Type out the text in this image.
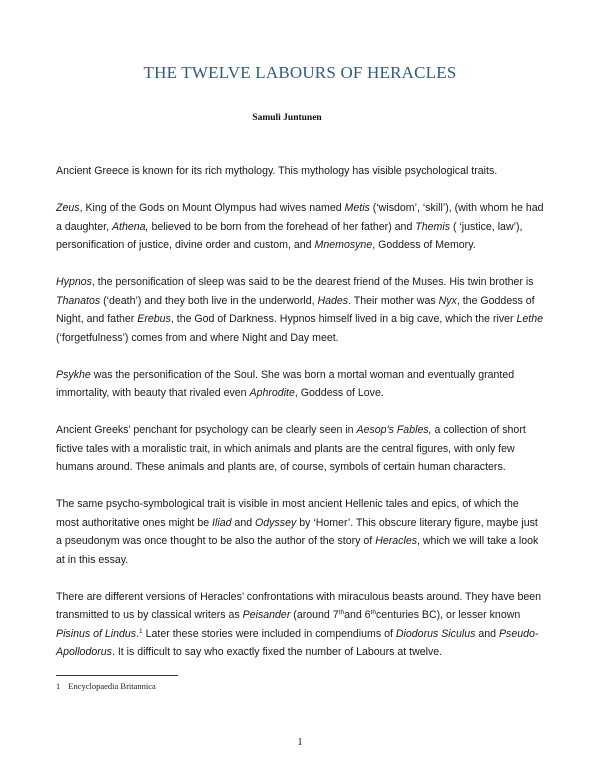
THE TWELVE LABOURS OF HERACLES
Samuli Juntunen

Ancient Greece is known for its rich mythology. This mythology has visible psychological traits.

Zeus, King of the Gods on Mount Olympus had wives named Metis (‘wisdom’, ‘skill’), (with whom he had a daughter, Athena, believed to be born from the forehead of her father) and Themis ( ‘justice, law’), personification of justice, divine order and custom, and Mnemosyne, Goddess of Memory.

Hypnos, the personification of sleep was said to be the dearest friend of the Muses. His twin brother is Thanatos (‘death’) and they both live in the underworld, Hades. Their mother was Nyx, the Goddess of Night, and father Erebus, the God of Darkness. Hypnos himself lived in a big cave, which the river Lethe (‘forgetfulness’) comes from and where Night and Day meet.

Psykhe was the personification of the Soul. She was born a mortal woman and eventually granted immortality, with beauty that rivaled even Aphrodite, Goddess of Love.

Ancient Greeks’ penchant for psychology can be clearly seen in Aesop's Fables, a collection of short fictive tales with a moralistic trait, in which animals and plants are the central figures, with only few humans around. These animals and plants are, of course, symbols of certain human characters.

The same psycho-symbological trait is visible in most ancient Hellenic tales and epics, of which the most authoritative ones might be Iliad and Odyssey by ‘Homer’. This obscure literary figure, maybe just a pseudonym was once thought to be also the author of the story of Heracles, which we will take a look at in this essay.

There are different versions of Heracles’ confrontations with miraculous beasts around. They have been transmitted to us by classical writers as Peisander (around 7thand 6thcenturies BC), or lesser known Pisinus of Lindus.$^1$ Later these stories were included in compendiums of Diodorus Siculus and Pseudo-Apollodorus. It is difficult to say who exactly fixed the number of Labours at twelve.

1 Encyclopaedia Britannica
1
